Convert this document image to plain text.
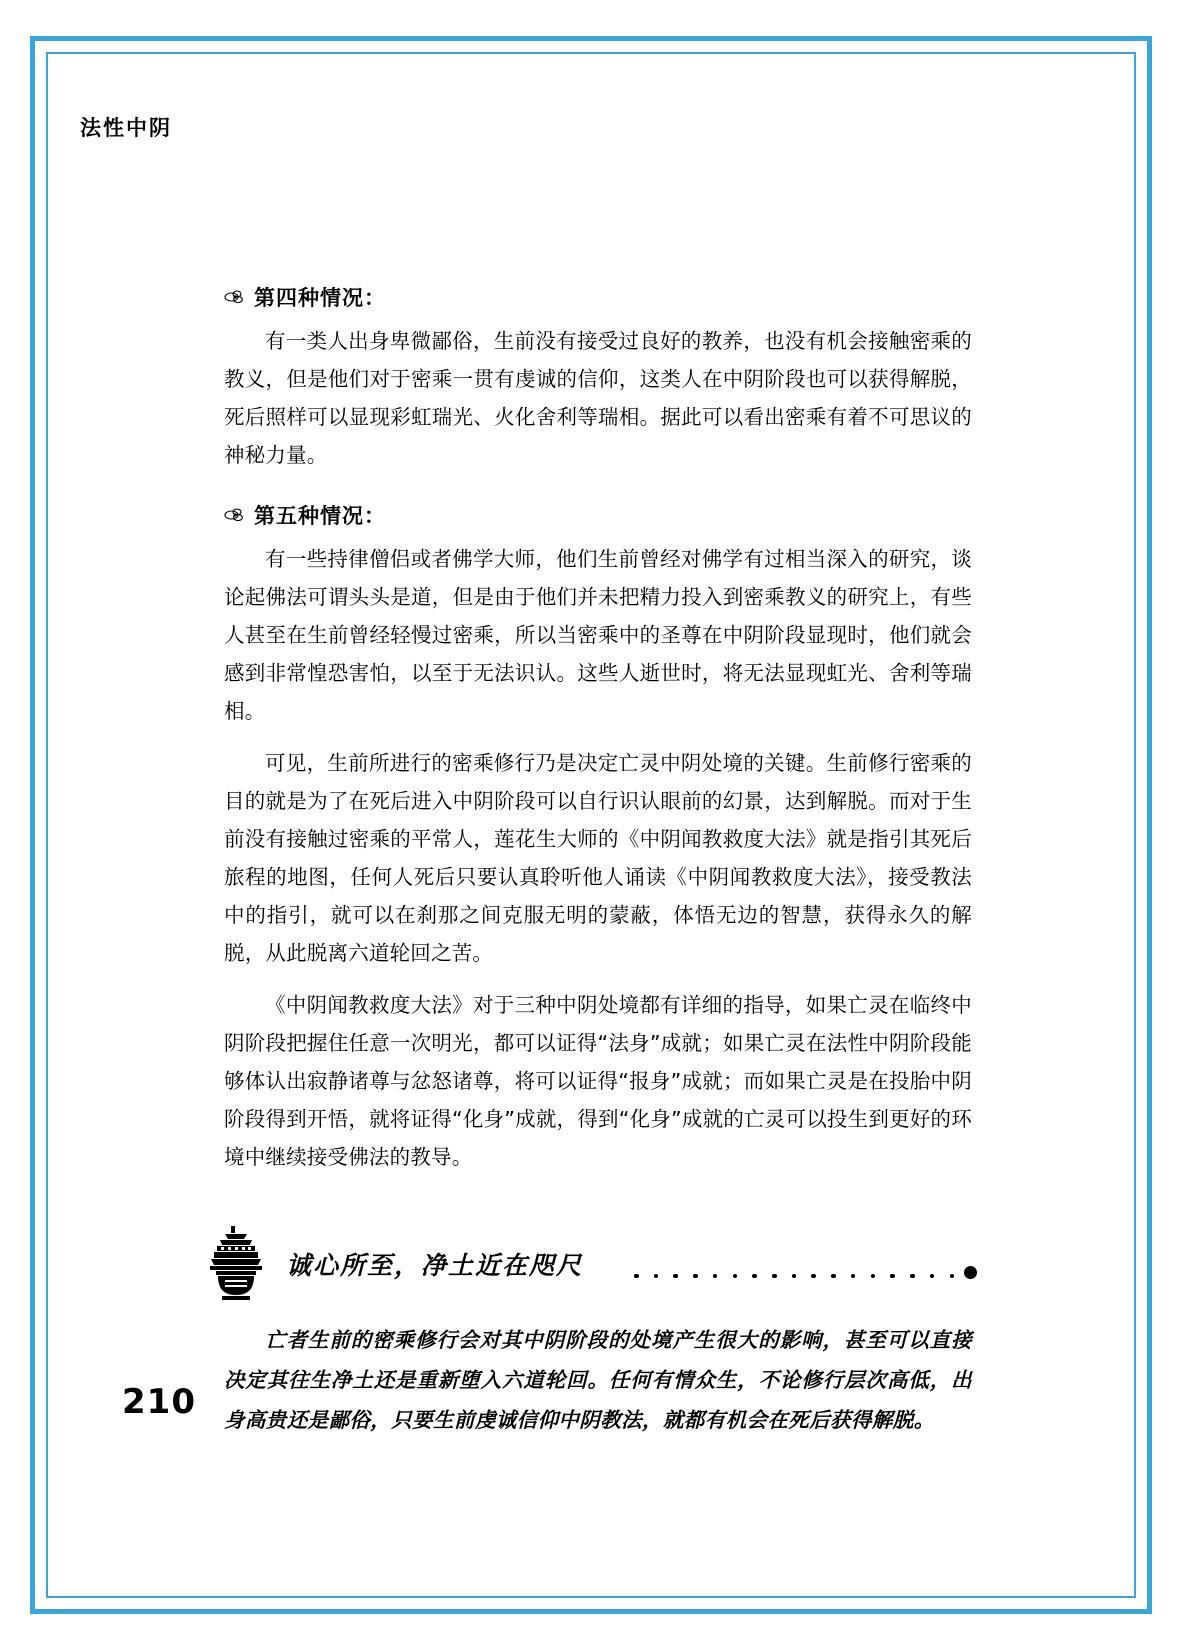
法性中阴
第四种情况：

有一类人出身卑微鄙俗，生前没有接受过良好的教养，也没有机会接触密乘的教义，但是他们对于密乘一贯有虔诚的信仰，这类人在中阴阶段也可以获得解脱，死后照样可以显现彩虹瑞光、火化舍利等瑞相。据此可以看出密乘有着不可思议的神秘力量。

第五种情况：

有一些持律僧侣或者佛学大师，他们生前曾经对佛学有过相当深入的研究，谈论起佛法可谓头头是道，但是由于他们并未把精力投入到密乘教义的研究上，有些人甚至在生前曾经轻慢过密乘，所以当密乘中的圣尊在中阴阶段显现时，他们就会感到非常惶恐害怕，以至于无法识认。这些人逝世时，将无法显现虹光、舍利等瑞相。

可见，生前所进行的密乘修行乃是决定亡灵中阴处境的关键。生前修行密乘的目的就是为了在死后进入中阴阶段可以自行识认眼前的幻景，达到解脱。而对于生前没有接触过密乘的平常人，莲花生大师的《中阴闻教救度大法》就是指引其死后旅程的地图，任何人死后只要认真聆听他人诵读《中阴闻教救度大法》，接受教法中的指引，就可以在刹那之间克服无明的蒙蔽，体悟无边的智慧，获得永久的解脱，从此脱离六道轮回之苦。

《中阴闻教救度大法》对于三种中阴处境都有详细的指导，如果亡灵在临终中阴阶段把握住任意一次明光，都可以证得“法身”成就；如果亡灵在法性中阴阶段能够体认出寂静诸尊与忿怒诸尊，将可以证得“报身”成就；而如果亡灵是在投胎中阴阶段得到开悟，就将证得“化身”成就，得到“化身”成就的亡灵可以投生到更好的环境中继续接受佛法的教导。

诚心所至，净土近在咫尺

亡者生前的密乘修行会对其中阴阶段的处境产生很大的影响，甚至可以直接决定其往生净土还是重新堕入六道轮回。任何有情众生，不论修行层次高低，出身高贵还是鄙俗，只要生前虔诚信仰中阴教法，就都有机会在死后获得解脱。

210
